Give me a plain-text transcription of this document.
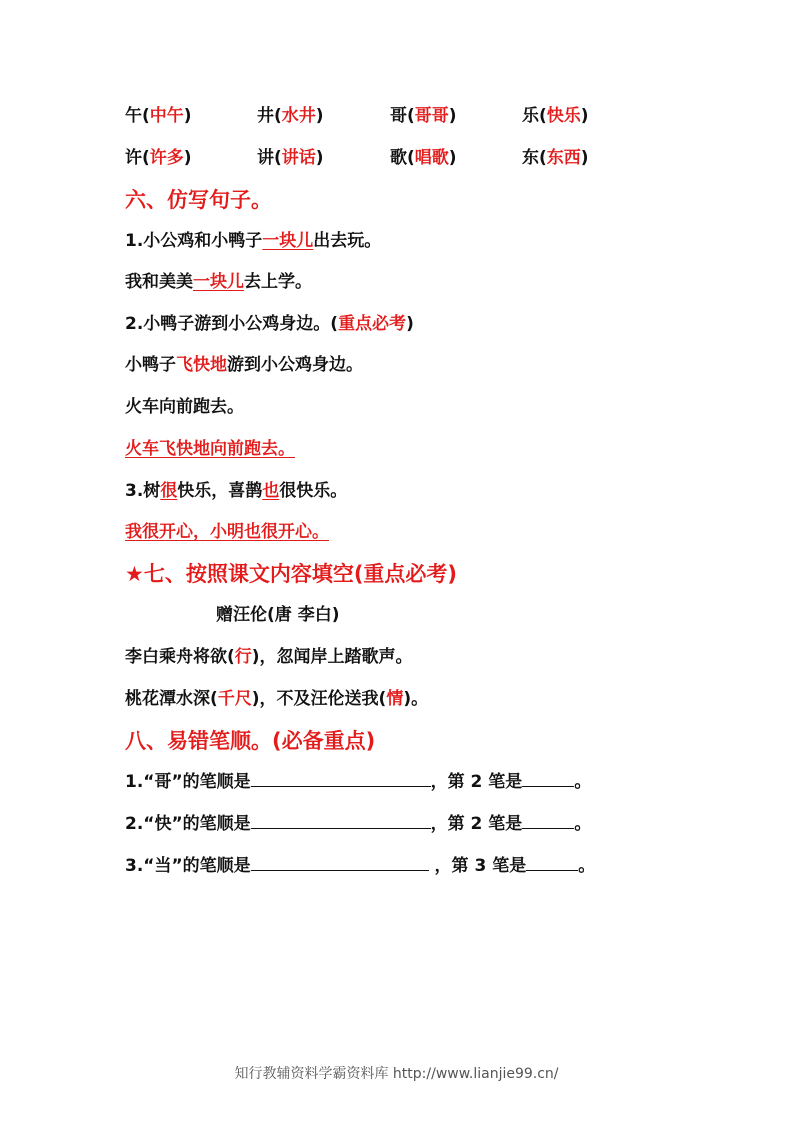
午(中午)	井(水井)	哥(哥哥)	乐(快乐)
许(许多)	讲(讲话)	歌(唱歌)	东(东西)
六、仿写句子。
1.小公鸡和小鸭子一块儿出去玩。
我和美美一块儿去上学。
2.小鸭子游到小公鸡身边。(重点必考)
小鸭子飞快地游到小公鸡身边。
火车向前跑去。
火车飞快地向前跑去。
3.树很快乐，喜鹊也很快乐。
我很开心，小明也很开心。
★七、按照课文内容填空(重点必考)
赠汪伦(唐 李白)
李白乘舟将欲(行)，忽闻岸上踏歌声。
桃花潭水深(千尺)，不及汪伦送我(情)。
八、易错笔顺。(必备重点)
1.“哥”的笔顺是	，第 2 笔是	。
2.“快”的笔顺是	，第 2 笔是	。
3.“当”的笔顺是	，第 3 笔是	。
知行教辅资料学霸资料库 http://www.lianjie99.cn/
